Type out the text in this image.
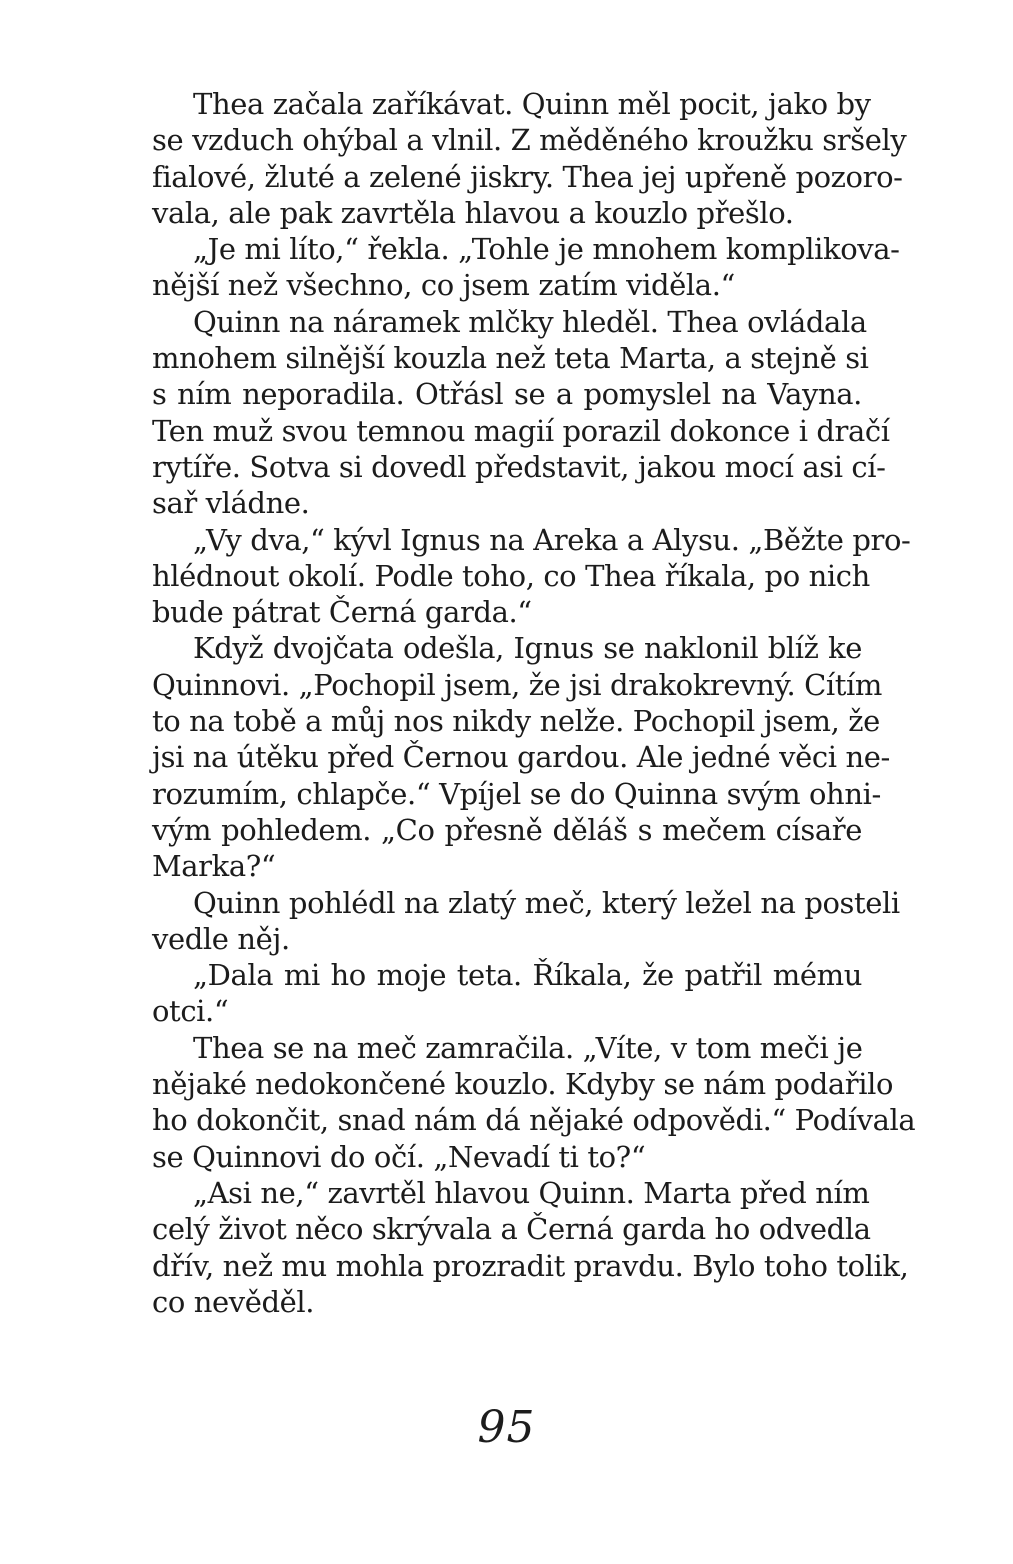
Thea začala zaříkávat. Quinn měl pocit, jako by
se vzduch ohýbal a vlnil. Z měděného kroužku sršely
fialové, žluté a zelené jiskry. Thea jej upřeně pozoro-
vala, ale pak zavrtěla hlavou a kouzlo přešlo.

„Je mi líto,“ řekla. „Tohle je mnohem komplikova-
nější než všechno, co jsem zatím viděla.“

Quinn na náramek mlčky hleděl. Thea ovládala
mnohem silnější kouzla než teta Marta, a stejně si
s ním neporadila. Otřásl se a pomyslel na Vayna.
Ten muž svou temnou magií porazil dokonce i dračí
rytíře. Sotva si dovedl představit, jakou mocí asi cí-
sař vládne.

„Vy dva,“ kývl Ignus na Areka a Alysu. „Běžte pro-
hlédnout okolí. Podle toho, co Thea říkala, po nich
bude pátrat Černá garda.“

Když dvojčata odešla, Ignus se naklonil blíž ke
Quinnovi. „Pochopil jsem, že jsi drakokrevný. Cítím
to na tobě a můj nos nikdy nelže. Pochopil jsem, že
jsi na útěku před Černou gardou. Ale jedné věci ne-
rozumím, chlapče.“ Vpíjel se do Quinna svým ohni-
vým pohledem. „Co přesně děláš s mečem císaře
Marka?“

Quinn pohlédl na zlatý meč, který ležel na posteli
vedle něj.

„Dala mi ho moje teta. Říkala, že patřil mému
otci.“

Thea se na meč zamračila. „Víte, v tom meči je
nějaké nedokončené kouzlo. Kdyby se nám podařilo
ho dokončit, snad nám dá nějaké odpovědi.“ Podívala
se Quinnovi do očí. „Nevadí ti to?“

„Asi ne,“ zavrtěl hlavou Quinn. Marta před ním
celý život něco skrývala a Černá garda ho odvedla
dřív, než mu mohla prozradit pravdu. Bylo toho tolik,
co nevěděl.

95
